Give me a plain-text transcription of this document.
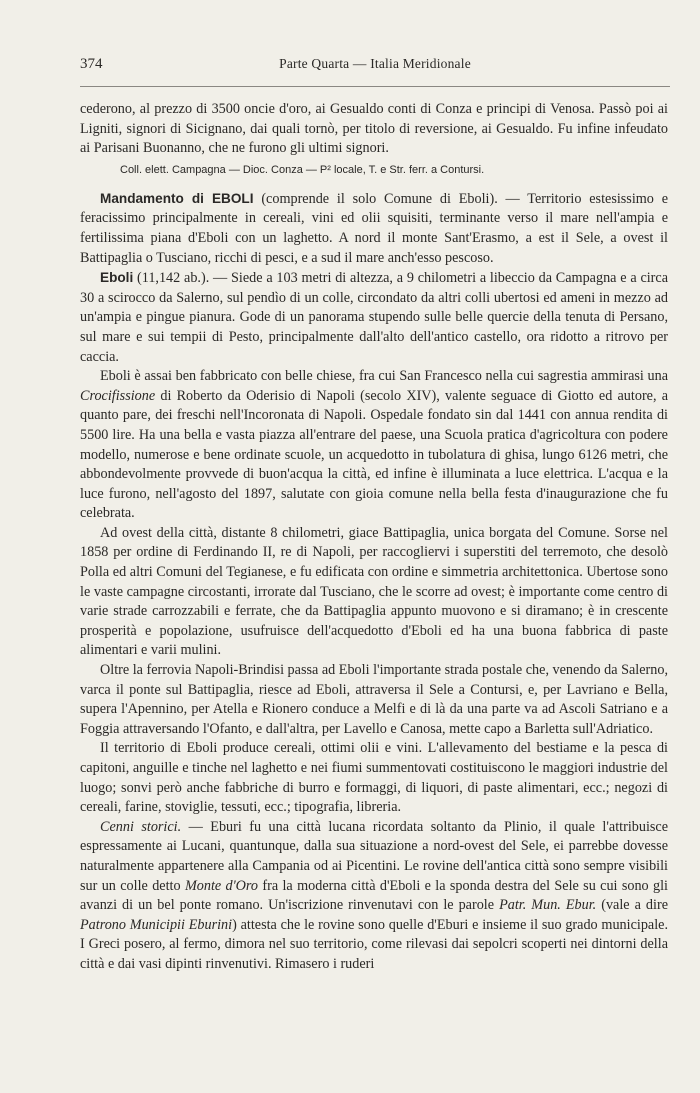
374	Parte Quarta — Italia Meridionale

cederono, al prezzo di 3500 oncie d'oro, ai Gesualdo conti di Conza e principi di Venosa. Passò poi ai Ligniti, signori di Sicignano, dai quali tornò, per titolo di reversione, ai Gesualdo. Fu infine infeudato ai Parisani Buonanno, che ne furono gli ultimi signori.

Coll. elett. Campagna — Dioc. Conza — P² locale, T. e Str. ferr. a Contursi.

Mandamento di EBOLI (comprende il solo Comune di Eboli). — Territorio estesissimo e feracissimo principalmente in cereali, vini ed olii squisiti, terminante verso il mare nell'ampia e fertilissima piana d'Eboli con un laghetto. A nord il monte Sant'Erasmo, a est il Sele, a ovest il Battipaglia o Tusciano, ricchi di pesci, e a sud il mare anch'esso pescoso.

Eboli (11,142 ab.). — Siede a 103 metri di altezza, a 9 chilometri a libeccio da Campagna e a circa 30 a scirocco da Salerno, sul pendìo di un colle, circondato da altri colli ubertosi ed ameni in mezzo ad un'ampia e pingue pianura. Gode di un panorama stupendo sulle belle quercie della tenuta di Persano, sul mare e sui tempii di Pesto, principalmente dall'alto dell'antico castello, ora ridotto a ritrovo per caccia.

Eboli è assai ben fabbricato con belle chiese, fra cui San Francesco nella cui sagrestia ammirasi una Crocifissione di Roberto da Oderisio di Napoli (secolo XIV), valente seguace di Giotto ed autore, a quanto pare, dei freschi nell'Incoronata di Napoli. Ospedale fondato sin dal 1441 con annua rendita di 5500 lire. Ha una bella e vasta piazza all'entrare del paese, una Scuola pratica d'agricoltura con podere modello, numerose e bene ordinate scuole, un acquedotto in tubolatura di ghisa, lungo 6126 metri, che abbondevolmente provvede di buon'acqua la città, ed infine è illuminata a luce elettrica. L'acqua e la luce furono, nell'agosto del 1897, salutate con gioia comune nella bella festa d'inaugurazione che fu celebrata.

Ad ovest della città, distante 8 chilometri, giace Battipaglia, unica borgata del Comune. Sorse nel 1858 per ordine di Ferdinando II, re di Napoli, per raccogliervi i superstiti del terremoto, che desolò Polla ed altri Comuni del Tegianese, e fu edificata con ordine e simmetria architettonica. Ubertose sono le vaste campagne circostanti, irrorate dal Tusciano, che le scorre ad ovest; è importante come centro di varie strade carrozzabili e ferrate, che da Battipaglia appunto muovono e si diramano; è in crescente prosperità e popolazione, usufruisce dell'acquedotto d'Eboli ed ha una buona fabbrica di paste alimentari e varii mulini.

Oltre la ferrovia Napoli-Brindisi passa ad Eboli l'importante strada postale che, venendo da Salerno, varca il ponte sul Battipaglia, riesce ad Eboli, attraversa il Sele a Contursi, e, per Lavriano e Bella, supera l'Apennino, per Atella e Rionero conduce a Melfi e di là da una parte va ad Ascoli Satriano e a Foggia attraversando l'Ofanto, e dall'altra, per Lavello e Canosa, mette capo a Barletta sull'Adriatico.

Il territorio di Eboli produce cereali, ottimi olii e vini. L'allevamento del bestiame e la pesca di capitoni, anguille e tinche nel laghetto e nei fiumi summentovati costituiscono le maggiori industrie del luogo; sonvi però anche fabbriche di burro e formaggi, di liquori, di paste alimentari, ecc.; negozi di cereali, farine, stoviglie, tessuti, ecc.; tipografia, libreria.

Cenni storici. — Eburi fu una città lucana ricordata soltanto da Plinio, il quale l'attribuisce espressamente ai Lucani, quantunque, dalla sua situazione a nord-ovest del Sele, ei parrebbe dovesse naturalmente appartenere alla Campania od ai Picentini. Le rovine dell'antica città sono sempre visibili sur un colle detto Monte d'Oro fra la moderna città d'Eboli e la sponda destra del Sele su cui sono gli avanzi di un bel ponte romano. Un'iscrizione rinvenutavi con le parole Patr. Mun. Ebur. (vale a dire Patrono Municipii Eburini) attesta che le rovine sono quelle d'Eburi e insieme il suo grado municipale. I Greci posero, al fermo, dimora nel suo territorio, come rilevasi dai sepolcri scoperti nei dintorni della città e dai vasi dipinti rinvenutivi. Rimasero i ruderi
